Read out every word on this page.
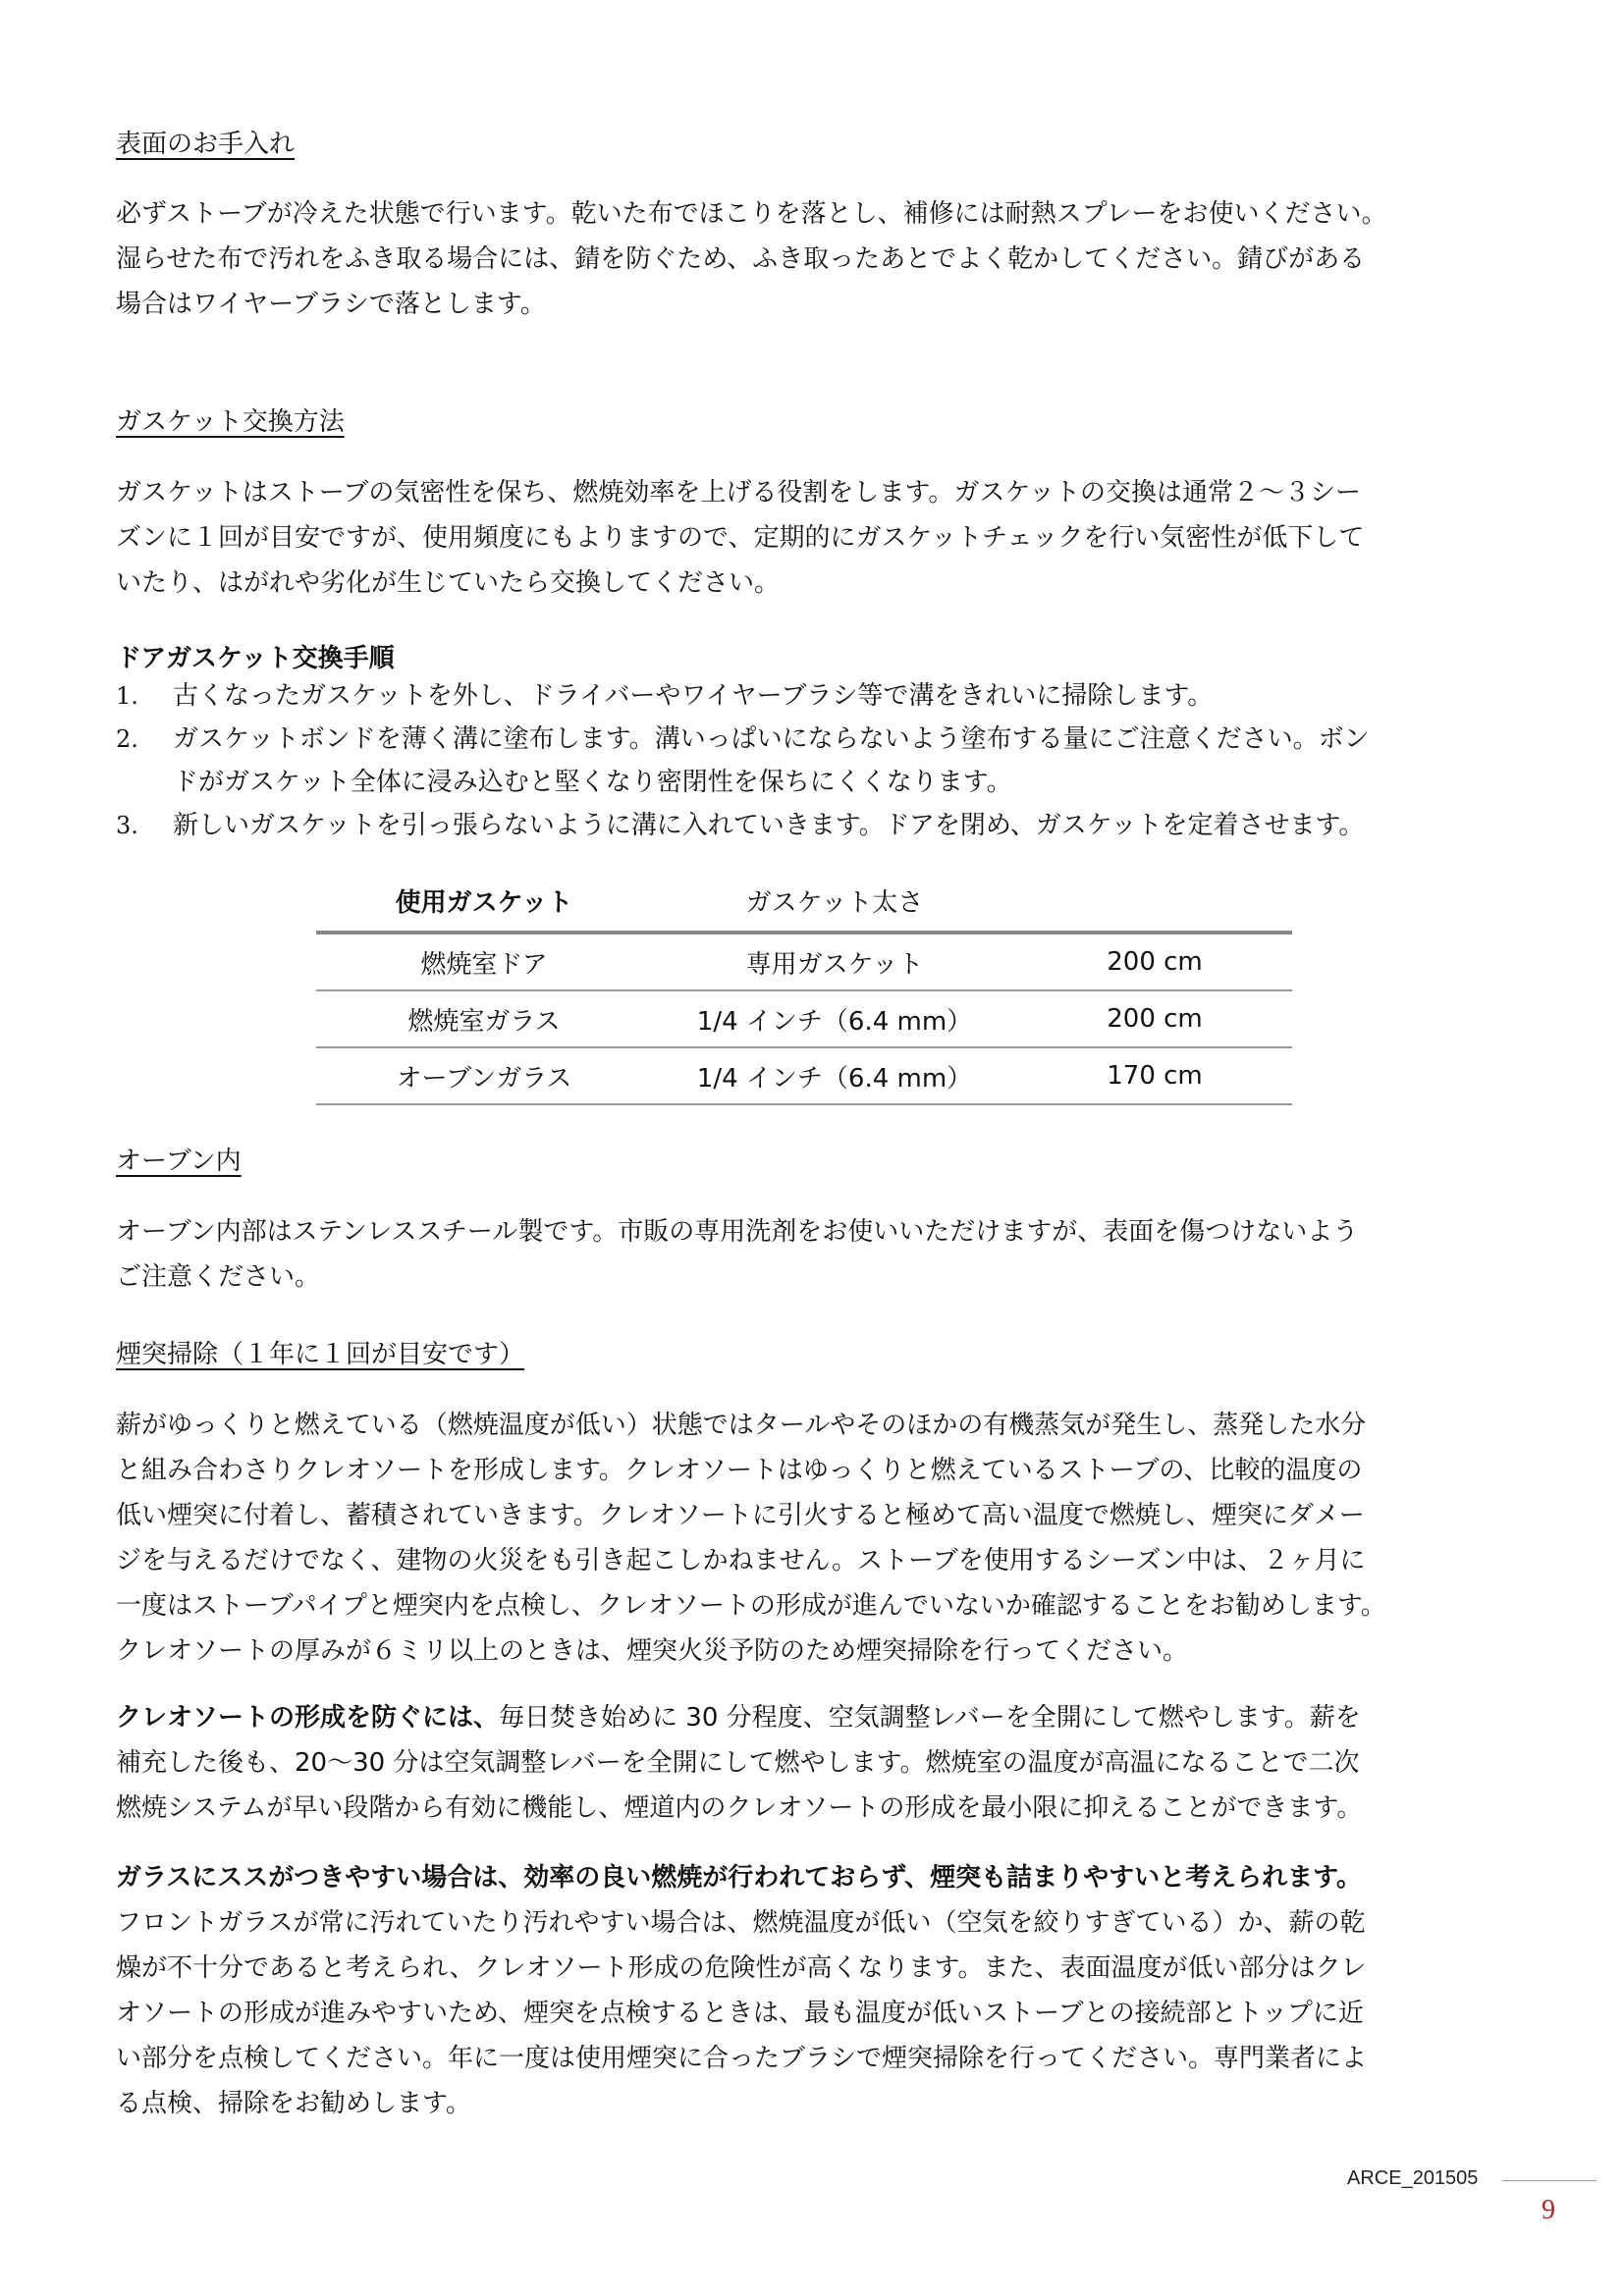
表面のお手入れ

必ずストーブが冷えた状態で行います。乾いた布でほこりを落とし、補修には耐熱スプレーをお使いください。
湿らせた布で汚れをふき取る場合には、錆を防ぐため、ふき取ったあとでよく乾かしてください。錆びがある
場合はワイヤーブラシで落とします。

ガスケット交換方法

ガスケットはストーブの気密性を保ち、燃焼効率を上げる役割をします。ガスケットの交換は通常２～３シー
ズンに１回が目安ですが、使用頻度にもよりますので、定期的にガスケットチェックを行い気密性が低下して
いたり、はがれや劣化が生じていたら交換してください。

ドアガスケット交換手順
1. 古くなったガスケットを外し、ドライバーやワイヤーブラシ等で溝をきれいに掃除します。
2. ガスケットボンドを薄く溝に塗布します。溝いっぱいにならないよう塗布する量にご注意ください。ボン
ドがガスケット全体に浸み込むと堅くなり密閉性を保ちにくくなります。
3. 新しいガスケットを引っ張らないように溝に入れていきます。ドアを閉め、ガスケットを定着させます。
使用ガスケット	ガスケット太さ	
燃焼室ドア	専用ガスケット	200 cm
燃焼室ガラス	1/4 インチ（6.4 mm）	200 cm
オーブンガラス	1/4 インチ（6.4 mm）	170 cm
オーブン内

オーブン内部はステンレススチール製です。市販の専用洗剤をお使いいただけますが、表面を傷つけないよう
ご注意ください。

煙突掃除（１年に１回が目安です）

薪がゆっくりと燃えている（燃焼温度が低い）状態ではタールやそのほかの有機蒸気が発生し、蒸発した水分
と組み合わさりクレオソートを形成します。クレオソートはゆっくりと燃えているストーブの、比較的温度の
低い煙突に付着し、蓄積されていきます。クレオソートに引火すると極めて高い温度で燃焼し、煙突にダメー
ジを与えるだけでなく、建物の火災をも引き起こしかねません。ストーブを使用するシーズン中は、２ヶ月に
一度はストーブパイプと煙突内を点検し、クレオソートの形成が進んでいないか確認することをお勧めします。
クレオソートの厚みが６ミリ以上のときは、煙突火災予防のため煙突掃除を行ってください。

クレオソートの形成を防ぐには、毎日焚き始めに 30 分程度、空気調整レバーを全開にして燃やします。薪を
補充した後も、20～30 分は空気調整レバーを全開にして燃やします。燃焼室の温度が高温になることで二次
燃焼システムが早い段階から有効に機能し、煙道内のクレオソートの形成を最小限に抑えることができます。

ガラスにススがつきやすい場合は、効率の良い燃焼が行われておらず、煙突も詰まりやすいと考えられます。
フロントガラスが常に汚れていたり汚れやすい場合は、燃焼温度が低い（空気を絞りすぎている）か、薪の乾
燥が不十分であると考えられ、クレオソート形成の危険性が高くなります。また、表面温度が低い部分はクレ
オソートの形成が進みやすいため、煙突を点検するときは、最も温度が低いストーブとの接続部とトップに近
い部分を点検してください。年に一度は使用煙突に合ったブラシで煙突掃除を行ってください。専門業者によ
る点検、掃除をお勧めします。

ARCE_201505
9
